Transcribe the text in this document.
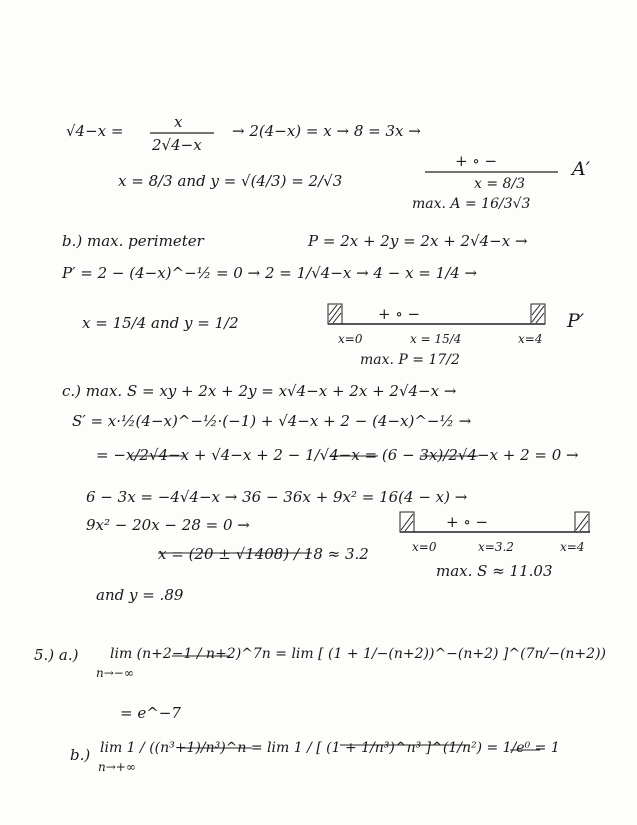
√4−x =	x
2√4−x
→ 2(4−x) = x → 8 = 3x →
+ ∘ −	A′
x = 8/3
x = 8/3 and y = √(4/3) = 2/√3
max. A = 16/3√3
b.) max. perimeter	P = 2x + 2y = 2x + 2√4−x →
P′ = 2 − (4−x)^−½ = 0 → 2 = 1/√4−x → 4 − x = 1/4 →
x = 15/4 and y = 1/2	+ ∘ −	P′
x=0	x = 15/4	x=4
max. P = 17/2
c.) max. S = xy + 2x + 2y = x√4−x + 2x + 2√4−x →
S′ = x·½(4−x)^−½·(−1) + √4−x + 2 − (4−x)^−½ →
= −x/2√4−x + √4−x + 2 − 1/√4−x = (6 − 3x)/2√4−x + 2 = 0 →
6 − 3x = −4√4−x → 36 − 36x + 9x² = 16(4 − x) →
9x² − 20x − 28 = 0 →
x = (20 ± √1408) / 18 ≈ 3.2
and y = .89
+ ∘ −
x=0	x=3.2	x=4
max. S ≈ 11.03
5.) a.) lim (n+2−1 / n+2)^7n = lim [ (1 + 1/−(n+2))^−(n+2) ]^(7n/−(n+2))
n→−∞
= e^−7
b.) lim 1 / ((n³+1)/n³)^n = lim 1 / [ (1 + 1/n³)^n³ ]^(1/n²) = 1/e⁰ = 1
n→+∞
